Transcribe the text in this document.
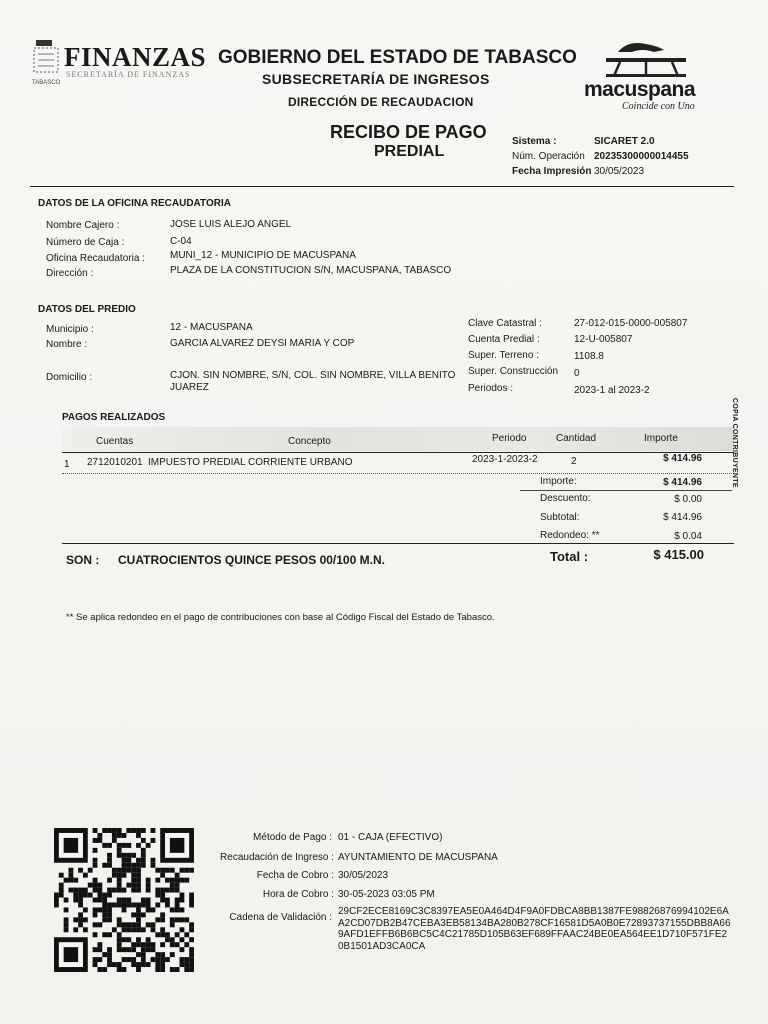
FINANZAS
SECRETARÍA DE FINANZAS
TABASCO
GOBIERNO DEL ESTADO DE TABASCO
SUBSECRETARÍA DE INGRESOS
DIRECCIÓN DE RECAUDACION
macuspana
Coincide con Uno
RECIBO DE PAGO
PREDIAL
Sistema :	SICARET 2.0
Núm. Operación 20235300000014455
Fecha Impresión 30/05/2023
DATOS DE LA OFICINA RECAUDATORIA
Nombre Cajero :	JOSE LUIS ALEJO ANGEL
Número de Caja :	C-04
Oficina Recaudatoria :	MUNI_12 - MUNICIPIO DE MACUSPANA
Dirección :	PLAZA DE LA CONSTITUCION S/N, MACUSPANA, TABASCO
DATOS DEL PREDIO
Municipio :	12 - MACUSPANA
Nombre :	GARCIA ALVAREZ DEYSI MARIA Y COP
Domicilio :	CJON. SIN NOMBRE, S/N, COL. SIN NOMBRE, VILLA BENITO
JUAREZ
Clave Catastral :	27-012-015-0000-005807
Cuenta Predial :	12-U-005807
Super. Terreno :	1108.8
Super. Construcción 0
Periodos :	2023-1 al 2023-2
PAGOS REALIZADOS
Cuentas	Concepto	Periodo	Cantidad	Importe
1 2712010201 IMPUESTO PREDIAL CORRIENTE URBANO	2023-1-2023-2	2	$ 414.96
Importe:	$ 414.96
Descuento:	$ 0.00
Subtotal:	$ 414.96
Redondeo: **	$ 0.04
SON : CUATROCIENTOS QUINCE PESOS 00/100 M.N.	Total :	$ 415.00
** Se aplica redondeo en el pago de contribuciones con base al Código Fiscal del Estado de Tabasco.
COPIA CONTRIBUYENTE
Método de Pago : 01 - CAJA (EFECTIVO)
Recaudación de Ingreso : AYUNTAMIENTO DE MACUSPANA
Fecha de Cobro : 30/05/2023
Hora de Cobro : 30-05-2023 03:05 PM
Cadena de Validación :
29CF2ECE8169C3C8397EA5E0A464D4F9A0FDBCA8BB1387FE98826876994102E6A
A2CD07DB2B47CEBA3EB58134BA280B278CF16581D5A0B0E72893737155DBB8A66
9AFD1EFFB6B6BC5C4C21785D105B63EF689FFAAC24BE0EA564EE1D710F571FE2
0B1501AD3CA0CA
